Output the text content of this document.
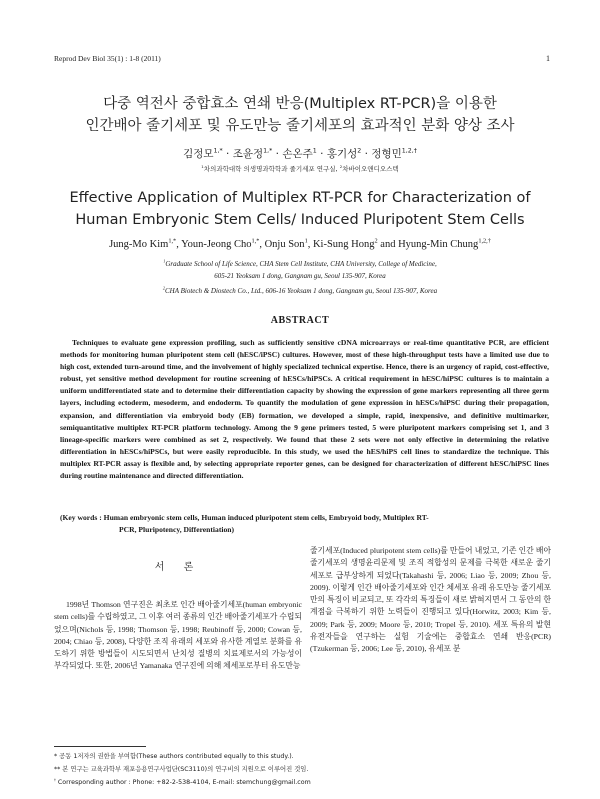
Reprod Dev Biol 35(1) : 1-8 (2011)	1
다중 역전사 중합효소 연쇄 반응(Multiplex RT-PCR)을 이용한
인간배아 줄기세포 및 유도만능 줄기세포의 효과적인 분화 양상 조사
김정모$^{1,*}$ · 조윤정$^{1,*}$ · 손온주$^1$ · 홍기성$^2$ · 정형민$^{1,2,\dagger}$
$^1$차의과학대학 의생명과학학과 줄기세포 연구실, $^2$차바이오앤디오스텍
Effective Application of Multiplex RT-PCR for Characterization of
Human Embryonic Stem Cells/ Induced Pluripotent Stem Cells
Jung-Mo Kim$^{1,*}$, Youn-Jeong Cho$^{1,*}$, Onju Son$^1$, Ki-Sung Hong$^2$ and Hyung-Min Chung$^{1,2,\dagger}$
$^1$Graduate School of Life Science, CHA Stem Cell Institute, CHA University, College of Medicine,
605-21 Yeoksam 1 dong, Gangnam gu, Seoul 135-907, Korea
$^2$CHA Biotech & Diostech Co., Ltd., 606-16 Yeoksam 1 dong, Gangnam gu, Seoul 135-907, Korea
ABSTRACT
Techniques to evaluate gene expression profiling, such as sufficiently sensitive cDNA microarrays or real-time quantitative PCR, are efficient methods for monitoring human pluripotent stem cell (hESC/iPSC) cultures. However, most of these high-throughput tests have a limited use due to high cost, extended turn-around time, and the involvement of highly specialized technical expertise. Hence, there is an urgency of rapid, cost-effective, robust, yet sensitive method development for routine screening of hESCs/hiPSCs. A critical requirement in hESC/hiPSC cultures is to maintain a uniform undifferentiated state and to determine their differentiation capacity by showing the expression of gene markers representing all three germ layers, including ectoderm, mesoderm, and endoderm. To quantify the modulation of gene expression in hESCs/hiPSC during their propagation, expansion, and differentiation via embryoid body (EB) formation, we developed a simple, rapid, inexpensive, and definitive multimarker, semiquantitative multiplex RT-PCR platform technology. Among the 9 gene primers tested, 5 were pluripotent markers comprising set 1, and 3 lineage-specific markers were combined as set 2, respectively. We found that these 2 sets were not only effective in determining the relative differentiation in hESCs/hiPSCs, but were easily reproducible. In this study, we used the hES/hiPS cell lines to standardize the technique. This multiplex RT-PCR assay is flexible and, by selecting appropriate reporter genes, can be designed for characterization of different hESC/hiPSC lines during routine maintenance and directed differentiation.
(Key words : Human embryonic stem cells, Human induced pluripotent stem cells, Embryoid body, Multiplex RT-
PCR, Pluripotency, Differentiation)
서 론
1998년 Thomson 연구진은 최초로 인간 배아줄기세포(human embryonic stem cells)를 수립하였고, 그 이후 여러 종류의 인간 배아줄기세포가 수립되었으며(Nichols 등, 1998; Thomson 등, 1998; Reubinoff 등, 2000; Cowan 등, 2004; Chiao 등, 2008), 다양한 조직 유래의 세포와 유사한 계열로 분화를 유도하기 위한 방법들이 시도되면서 난치성 질병의 치료제로서의 가능성이 부각되었다. 또한, 2006년 Yamanaka 연구진에 의해 체세포로부터 유도만능
줄기세포(Induced pluripotent stem cells)를 만들어 내었고, 기존 인간 배아줄기세포의 생명윤리문제 및 조직 적합성의 문제를 극복한 새로운 줄기세포로 급부상하게 되었다(Takahashi 등, 2006; Liao 등, 2009; Zhou 등, 2009). 이렇게 인간 배아줄기세포와 인간 체세포 유래 유도만능 줄기세포만의 특징이 비교되고, 또 각각의 특징들이 새로 밝혀지면서 그 동안의 한계점을 극복하기 위한 노력들이 진행되고 있다(Horwitz, 2003; Kim 등, 2009; Park 등, 2009; Moore 등, 2010; Tropel 등, 2010). 세포 특유의 발현유전자들을 연구하는 실험 기술에는 중합효소 연쇄 반응(PCR) (Tzukerman 등, 2006; Lee 등, 2010), 유세포 분
* 공동 1저자의 권한을 부여함(These authors contributed equally to this study.).
** 본 연구는 교육과학부 재포응용연구사업단(SC3110)의 연구비의 지원으로 이루어진 것임.
† Corresponding author : Phone: +82-2-538-4104, E-mail: stemchung@gmail.com
